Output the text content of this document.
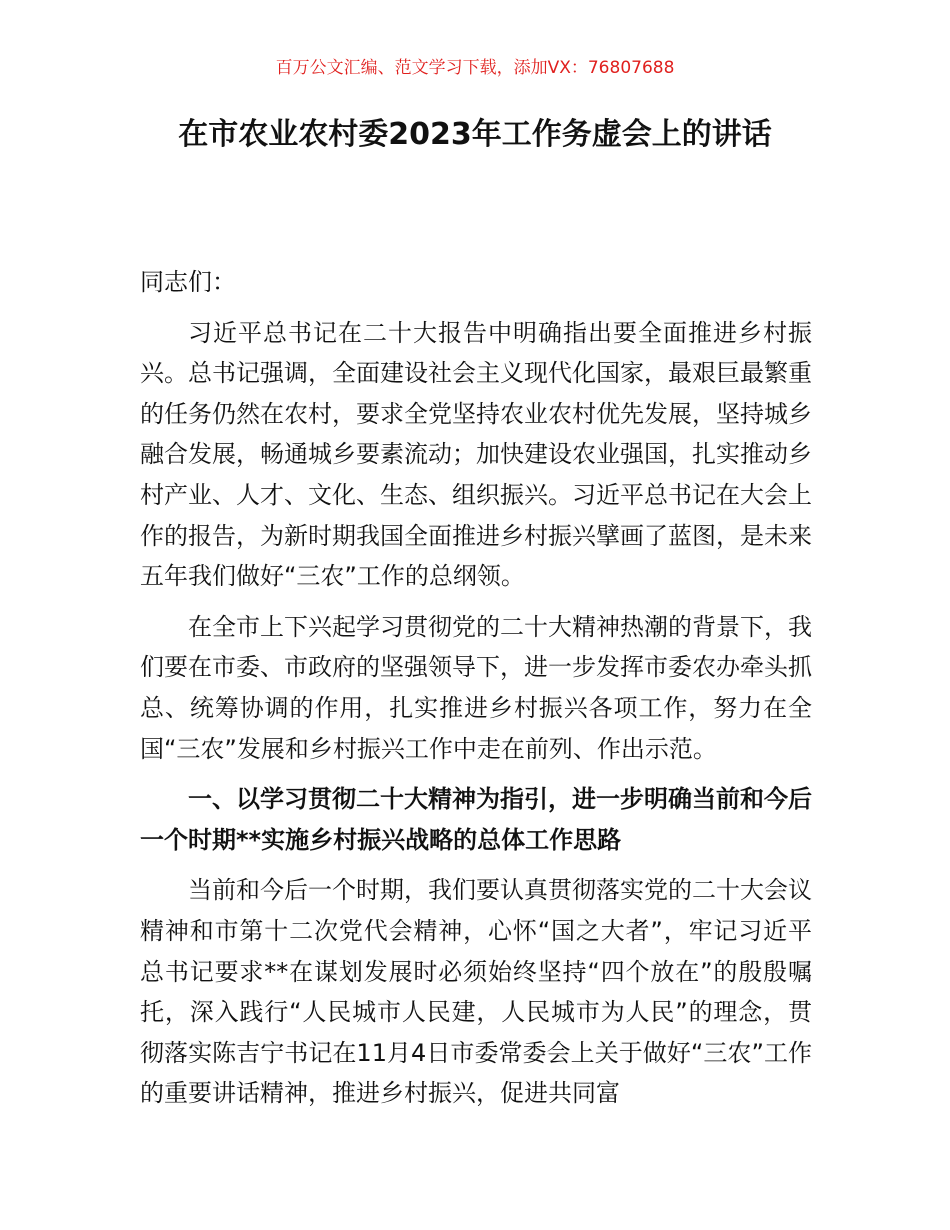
百万公文汇编、范文学习下载，添加VX：76807688
在市农业农村委2023年工作务虚会上的讲话

同志们：

习近平总书记在二十大报告中明确指出要全面推进乡村振兴。总书记强调，全面建设社会主义现代化国家，最艰巨最繁重的任务仍然在农村，要求全党坚持农业农村优先发展，坚持城乡融合发展，畅通城乡要素流动；加快建设农业强国，扎实推动乡村产业、人才、文化、生态、组织振兴。习近平总书记在大会上作的报告，为新时期我国全面推进乡村振兴擘画了蓝图，是未来五年我们做好“三农”工作的总纲领。

在全市上下兴起学习贯彻党的二十大精神热潮的背景下，我们要在市委、市政府的坚强领导下，进一步发挥市委农办牵头抓总、统筹协调的作用，扎实推进乡村振兴各项工作，努力在全国“三农”发展和乡村振兴工作中走在前列、作出示范。

一、以学习贯彻二十大精神为指引，进一步明确当前和今后一个时期**实施乡村振兴战略的总体工作思路

当前和今后一个时期，我们要认真贯彻落实党的二十大会议精神和市第十二次党代会精神，心怀“国之大者”，牢记习近平总书记要求**在谋划发展时必须始终坚持“四个放在”的殷殷嘱托，深入践行“人民城市人民建，人民城市为人民”的理念，贯彻落实陈吉宁书记在11月4日市委常委会上关于做好“三农”工作的重要讲话精神，推进乡村振兴，促进共同富
